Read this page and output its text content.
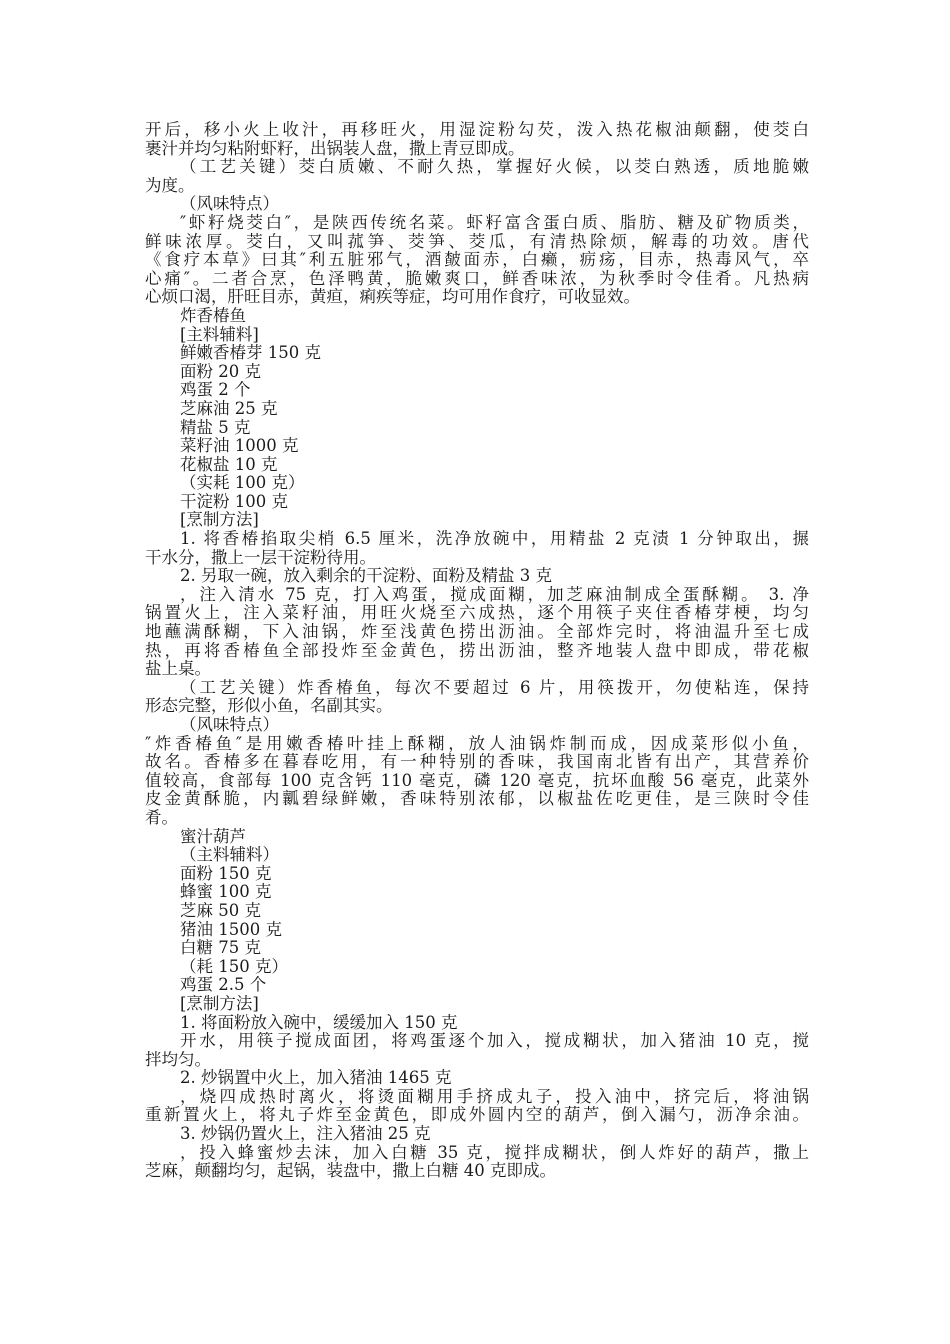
开后，移小火上收汁，再移旺火，用湿淀粉勾芡，泼入热花椒油颠翻，使茭白
裹汁并均匀粘附虾籽，出锅装人盘，撒上青豆即成。
（工艺关键）茭白质嫩、不耐久热，掌握好火候，以茭白熟透，质地脆嫩
为度。
（风味特点）
″虾籽烧茭白″，是陕西传统名菜。虾籽富含蛋白质、脂肪、糖及矿物质类，
鲜味浓厚。茭白，又叫菰笋、茭笋、茭瓜，有清热除烦，解毒的功效。唐代
《食疗本草》曰其″利五脏邪气，酒皶面赤，白癞，疬疡，目赤，热毒风气，卒
心痛″。二者合烹，色泽鸭黄，脆嫩爽口，鲜香味浓，为秋季时令佳肴。凡热病
心烦口渴，肝旺目赤，黄疸，痢疾等症，均可用作食疗，可收显效。
炸香椿鱼
[主料辅料]
鲜嫩香椿芽 150 克
面粉 20 克
鸡蛋 2 个
芝麻油 25 克
精盐 5 克
菜籽油 1000 克
花椒盐 10 克
（实耗 100 克）
干淀粉 100 克
[烹制方法]
1. 将香椿掐取尖梢 6.5 厘米，洗净放碗中，用精盐 2 克渍 1 分钟取出，搌
干水分，撒上一层干淀粉待用。
2. 另取一碗，放入剩余的干淀粉、面粉及精盐 3 克
，注入清水 75 克，打入鸡蛋，搅成面糊，加芝麻油制成全蛋酥糊。 3. 净
锅置火上，注入菜籽油，用旺火烧至六成热，逐个用筷子夹住香椿芽梗，均匀
地蘸满酥糊，下入油锅，炸至浅黄色捞出沥油。全部炸完时，将油温升至七成
热，再将香椿鱼全部投炸至金黄色，捞出沥油，整齐地装人盘中即成，带花椒
盐上桌。
（工艺关键）炸香椿鱼，每次不要超过 6 片，用筷拨开，勿使粘连，保持
形态完整，形似小鱼，名副其实。
（风味特点）
″炸香椿鱼″是用嫩香椿叶挂上酥糊，放人油锅炸制而成，因成菜形似小鱼，
故名。香椿多在暮春吃用，有一种特别的香味，我国南北皆有出产，其营养价
值较高，食部每 100 克含钙 110 毫克，磷 120 毫克，抗坏血酸 56 毫克，此菜外
皮金黄酥脆，内瓤碧绿鲜嫩，香味特别浓郁，以椒盐佐吃更佳，是三陕时令佳
肴。
蜜汁葫芦
（主料辅料）
面粉 150 克
蜂蜜 100 克
芝麻 50 克
猪油 1500 克
白糖 75 克
（耗 150 克）
鸡蛋 2.5 个
[烹制方法]
1. 将面粉放入碗中，缓缓加入 150 克
开水，用筷子搅成面团，将鸡蛋逐个加入，搅成糊状，加入猪油 10 克，搅
拌均匀。
2. 炒锅置中火上，加入猪油 1465 克
，烧四成热时离火，将烫面糊用手挤成丸子，投入油中，挤完后，将油锅
重新置火上，将丸子炸至金黄色，即成外圆内空的葫芦，倒入漏勺，沥净余油。
3. 炒锅仍置火上，注入猪油 25 克
，投入蜂蜜炒去沫，加入白糖 35 克，搅拌成糊状，倒人炸好的葫芦，撒上
芝麻，颠翻均匀，起锅，装盘中，撒上白糖 40 克即成。
